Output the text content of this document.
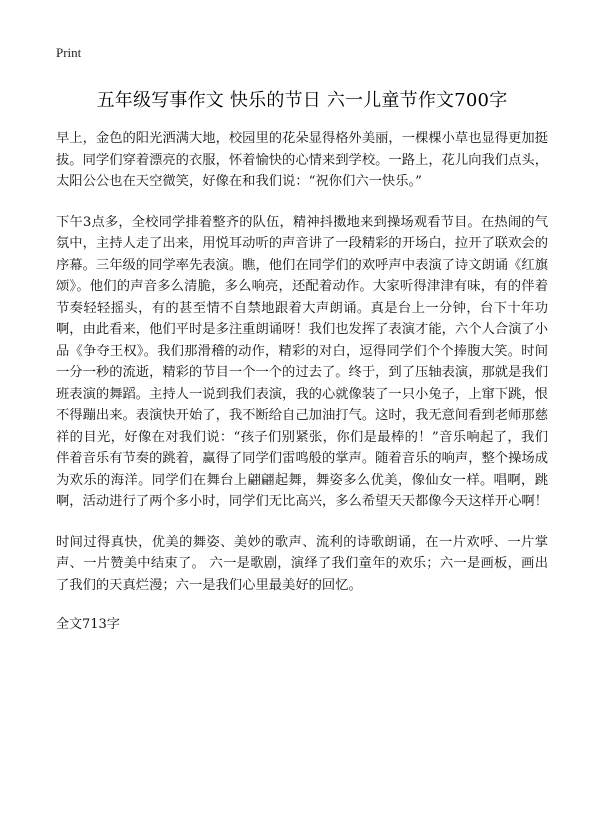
Print
五年级写事作文 快乐的节日 六一儿童节作文700字

早上，金色的阳光洒满大地，校园里的花朵显得格外美丽，一棵棵小草也显得更加挺拔。同学们穿着漂亮的衣服，怀着愉快的心情来到学校。一路上，花儿向我们点头，太阳公公也在天空微笑，好像在和我们说：“祝你们六一快乐。”

下午3点多，全校同学排着整齐的队伍，精神抖擞地来到操场观看节目。在热闹的气氛中，主持人走了出来，用悦耳动听的声音讲了一段精彩的开场白，拉开了联欢会的序幕。三年级的同学率先表演。瞧，他们在同学们的欢呼声中表演了诗文朗诵《红旗颂》。他们的声音多么清脆，多么响亮，还配着动作。大家听得津津有味，有的伴着节奏轻轻摇头，有的甚至情不自禁地跟着大声朗诵。真是台上一分钟，台下十年功啊，由此看来，他们平时是多注重朗诵呀！我们也发挥了表演才能，六个人合演了小品《争夺王权》。我们那滑稽的动作，精彩的对白，逗得同学们个个捧腹大笑。时间一分一秒的流逝，精彩的节目一个一个的过去了。终于，到了压轴表演，那就是我们班表演的舞蹈。主持人一说到我们表演，我的心就像装了一只小兔子，上窜下跳，恨不得蹦出来。表演快开始了，我不断给自己加油打气。这时，我无意间看到老师那慈祥的目光，好像在对我们说：“孩子们别紧张，你们是最棒的！”音乐响起了，我们伴着音乐有节奏的跳着，赢得了同学们雷鸣般的掌声。随着音乐的响声，整个操场成为欢乐的海洋。同学们在舞台上翩翩起舞，舞姿多么优美，像仙女一样。唱啊，跳啊，活动进行了两个多小时，同学们无比高兴，多么希望天天都像今天这样开心啊！

时间过得真快，优美的舞姿、美妙的歌声、流利的诗歌朗诵，在一片欢呼、一片掌声、一片赞美中结束了。 六一是歌剧，演绎了我们童年的欢乐；六一是画板，画出了我们的天真烂漫；六一是我们心里最美好的回忆。

全文713字
